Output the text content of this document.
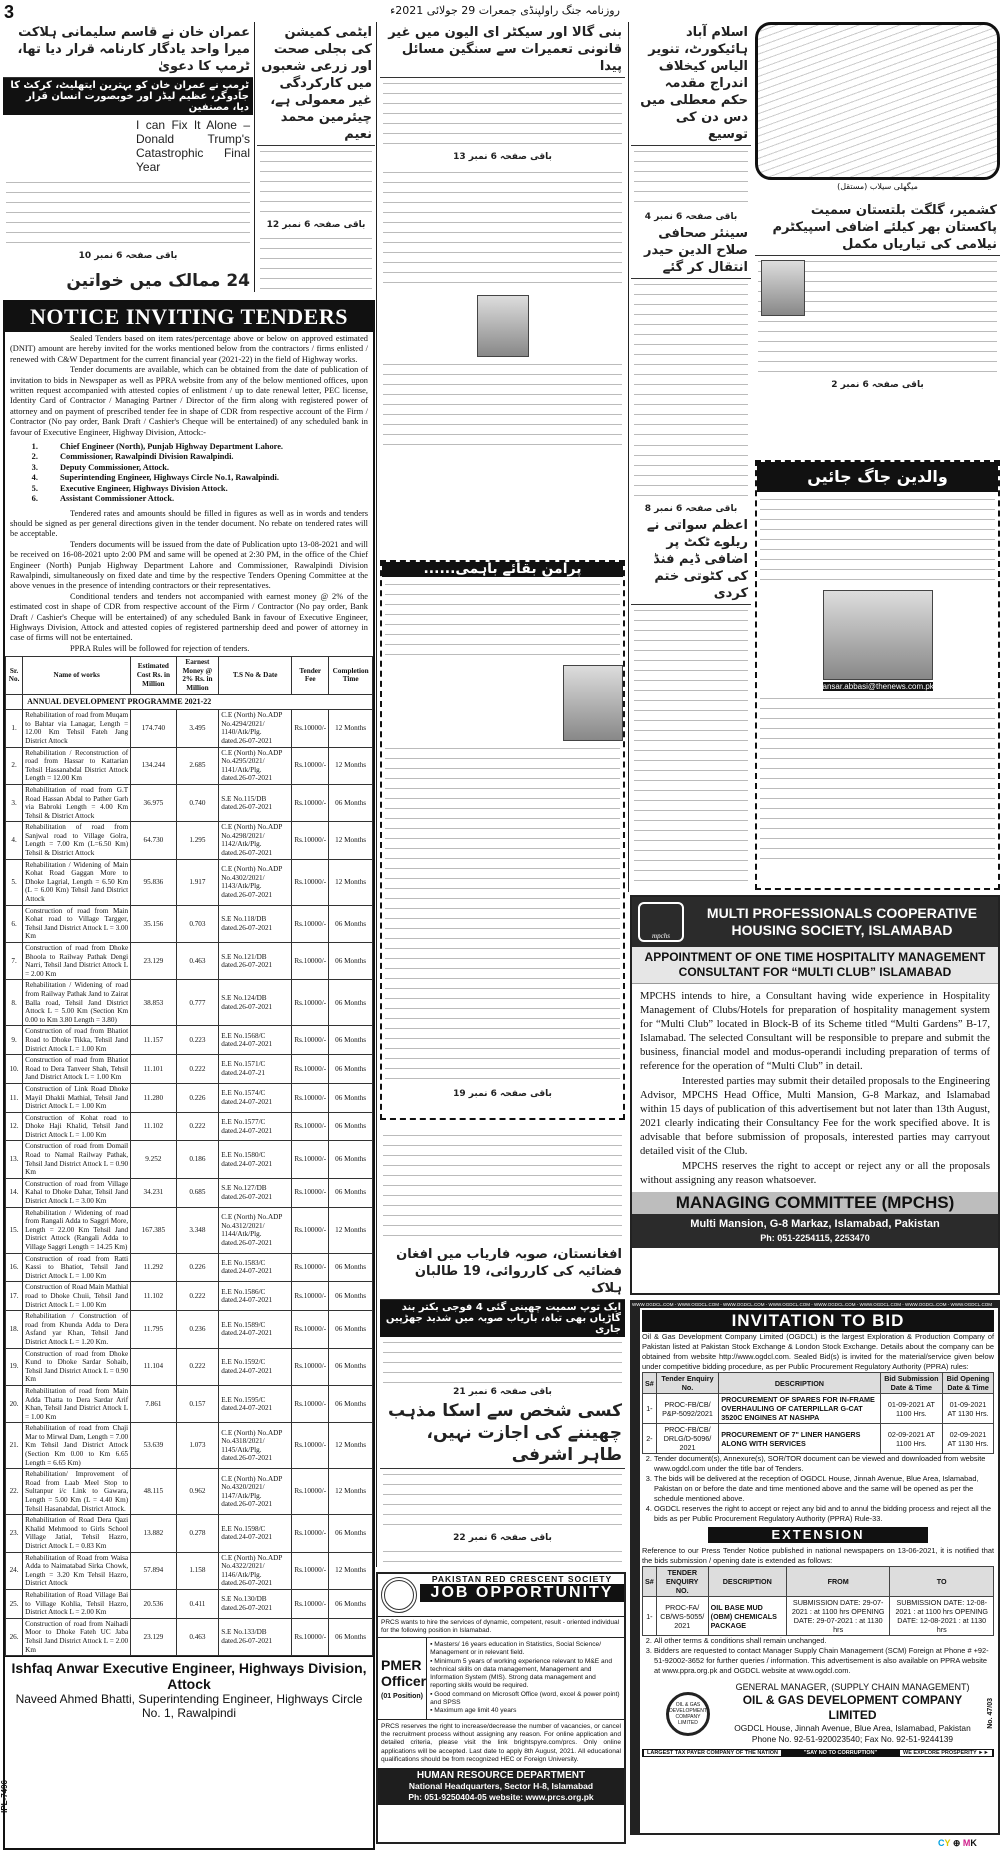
3	روزنامہ جنگ راولپنڈی جمعرات 29 جولائی 2021ء
عمران خان نے قاسم سلیمانی ہلاکت میرا واحد یادگار کارنامہ قرار دیا تھا، ٹرمپ کا دعویٰ
ٹرمپ نے عمران خان کو بہترین ایتھلیٹ، کرکٹ کا جادوگر، عظیم لیڈر اور خوبصورت انسان قرار دیا، مصنفین
I can Fix It Alone – Donald Trump's Catastrophic Final Year
باقی صفحہ 6 نمبر 10
24 ممالک میں خواتین
ایٹمی کمیشن کی بجلی صحت اور زرعی شعبوں میں کارکردگی غیر معمولی ہے، چیئرمین محمد نعیم
باقی صفحہ 6 نمبر 12
NOTICE INVITING TENDERS

Sealed Tenders based on item rates/percentage above or below on approved estimated (DNIT) amount are hereby invited for the works mentioned below from the contractors / firms enlisted / renewed with C&W Department for the current financial year (2021-22) in the field of Highway works.

Tender documents are available, which can be obtained from the date of publication of invitation to bids in Newspaper as well as PPRA website from any of the below mentioned offices, upon written request accompanied with attested copies of enlistment / up to date renewal letter, PEC license, Identity Card of Contractor / Managing Partner / Director of the firm along with registered power of attorney and on payment of prescribed tender fee in shape of CDR from respective account of the Firm / Contractor (No pay order, Bank Draft / Cashier's Cheque will be entertained) of any scheduled bank in favour of Executive Engineer, Highway Division, Attock:-

1. Chief Engineer (North), Punjab Highway Department Lahore.
2. Commissioner, Rawalpindi Division Rawalpindi.
3. Deputy Commissioner, Attock.
4. Superintending Engineer, Highways Circle No.1, Rawalpindi.
5. Executive Engineer, Highways Division Attock.
6. Assistant Commissioner Attock.

Tendered rates and amounts should be filled in figures as well as in words and tenders should be signed as per general directions given in the tender document. No rebate on tendered rates will be acceptable.

Tenders documents will be issued from the date of Publication upto 13-08-2021 and will be received on 16-08-2021 upto 2:00 PM and same will be opened at 2:30 PM, in the office of the Chief Engineer (North) Punjab Highway Department Lahore and Commissioner, Rawalpindi Division Rawalpindi, simultaneously on fixed date and time by the respective Tenders Opening Committee at the above venues in the presence of intending contractors or their representatives.

Conditional tenders and tenders not accompanied with earnest money @ 2% of the estimated cost in shape of CDR from respective account of the Firm / Contractor (No pay order, Bank Draft / Cashier's Cheque will be entertained) of any scheduled Bank in favour of Executive Engineer, Highways Division, Attock and attested copies of registered partnership deed and power of attorney in case of firms will not be entertained.

PPRA Rules will be followed for rejection of tenders.

Sr. No.	Name of works	Estimated Cost Rs. in Million	Earnest Money @ 2% Rs. in Million	T.S No & Date	Tender Fee	Completion Time
	ANNUAL DEVELOPMENT PROGRAMME 2021-22					
1.	Rehabilitation of road from Muqam to Bahtar via Lanagar, Length = 12.00 Km Tehsil Fateh Jang District Attock	174.740	3.495	C.E (North) No.ADP No.4294/2021/ 1140/Atk/Plg. dated.26-07-2021	Rs.10000/-	12 Months
2.	Rehabilitation / Reconstruction of road from Hassar to Kattarian Tehsil Hassanabdal District Attock Length = 12.00 Km	134.244	2.685	C.E (North) No.ADP No.4295/2021/ 1141/Atk/Plg. dated.26-07-2021	Rs.10000/-	12 Months
3.	Rehabilitation of road from G.T Road Hassan Abdal to Pather Garh via Babroki Length = 4.00 Km Tehsil & District Attock	36.975	0.740	S.E No.115/DB dated.26-07-2021	Rs.10000/-	06 Months
4.	Rehabilitation of road from Sanjwal road to Village Golra, Length = 7.00 Km (L=6.50 Km) Tehsil & District Attock	64.730	1.295	C.E (North) No.ADP No.4298/2021/ 1142/Atk/Plg. dated.26-07-2021	Rs.10000/-	12 Months
5.	Rehabilitation / Widening of Main Kohat Road Gaggan More to Dhoke Lagrial, Length = 6.50 Km (L = 6.00 Km) Tehsil Jand District Attock	95.836	1.917	C.E (North) No.ADP No.4302/2021/ 1143/Atk/Plg. dated.26-07-2021	Rs.10000/-	12 Months
6.	Construction of road from Main Kohat road to Village Targger, Tehsil Jand District Attock L = 3.00 Km	35.156	0.703	S.E No.118/DB dated.26-07-2021	Rs.10000/-	06 Months
7.	Construction of road from Dhoke Bhoola to Railway Pathak Dengi Narri, Tehsil Jand District Attock L = 2.00 Km	23.129	0.463	S.E No.121/DB dated.26-07-2021	Rs.10000/-	06 Months
8.	Rehabilitation / Widening of road from Railway Pathak Jand to Zairat Balla road, Tehsil Jand District Attock L = 5.00 Km (Section Km 0.00 to Km 3.80 Length = 3.80)	38.853	0.777	S.E No.124/DB dated.26-07-2021	Rs.10000/-	06 Months
9.	Construction of road from Bhatiot Road to Dhoke Tikka, Tehsil Jand District Attock L = 1.00 Km	11.157	0.223	E.E No.1568/C dated.24-07-2021	Rs.10000/-	06 Months
10.	Construction of road from Bhatiot Road to Dera Tanveer Shah, Tehsil Jand District Attock L = 1.00 Km	11.101	0.222	E.E No.1571/C dated.24-07-21	Rs.10000/-	06 Months
11.	Construction of Link Road Dhoke Mayil Dhakli Mathial, Tehsil Jand District Attock L = 1.00 Km	11.280	0.226	E.E No.1574/C dated.24-07-2021	Rs.10000/-	06 Months
12.	Construction of Kohat road to Dhoke Haji Khalid, Tehsil Jand District Attock L = 1.00 Km	11.102	0.222	E.E No.1577/C dated.24-07-2021	Rs.10000/-	06 Months
13.	Construction of road from Domail Road to Namal Railway Pathak, Tehsil Jand District Attock L = 0.90 Km	9.252	0.186	E.E No.1580/C dated.24-07-2021	Rs.10000/-	06 Months
14.	Construction of road from Village Kahal to Dhoke Dahar, Tehsil Jand District Attock L = 3.00 Km	34.231	0.685	S.E No.127/DB dated.26-07-2021	Rs.10000/-	06 Months
15.	Rehabilitation / Widening of road from Rangali Adda to Saggri More, Length = 22.00 Km Tehsil Jand District Attock (Rangali Adda to Village Saggri Length = 14.25 Km)	167.385	3.348	C.E (North) No.ADP No.4312/2021/ 1144/Atk/Plg. dated.26-07-2021	Rs.10000/-	12 Months
16.	Construction of road from Ratti Kassi to Bhatiot, Tehsil Jand District Attock L = 1.00 Km	11.292	0.226	E.E No.1583/C dated.24-07-2021	Rs.10000/-	06 Months
17.	Construction of Road Main Mathial road to Dhoke Chuii, Tehsil Jand District Attock L = 1.00 Km	11.102	0.222	E.E No.1586/C dated.24-07-2021	Rs.10000/-	06 Months
18.	Rehabilitation / Construction of road from Khunda Adda to Dera Asfand yar Khan, Tehsil Jand District Attock L = 1.20 Km.	11.795	0.236	E.E No.1589/C dated.24-07-2021	Rs.10000/-	06 Months
19.	Construction of road from Dhoke Kund to Dhoke Sardar Sohaib, Tehsil Jand District Attock L = 0.90 Km	11.104	0.222	E.E No.1592/C dated.24-07-2021	Rs.10000/-	06 Months
20.	Rehabilitation of road from Main Adda Thatta to Dera Sardar Arif Khan, Tehsil Jand District Attock L = 1.00 Km	7.861	0.157	E.E No.1595/C dated.24-07-2021	Rs.10000/-	06 Months
21.	Rehabilitation of road from Chaji Mar to Mirwal Dam, Length = 7.00 Km Tehsil Jand District Attock (Section Km 0.00 to Km 6.65 Length = 6.65 Km)	53.639	1.073	C.E (North) No.ADP No.4318/2021/ 1145/Atk/Plg. dated.26-07-2021	Rs.10000/-	12 Months
22.	Rehabilitation/ Improvement of Road from Laab Meel Stop to Sultanpur i/c Link to Gawara, Length = 5.00 Km (L = 4.40 Km) Tehsil Hasanabdal, District Attock.	48.115	0.962	C.E (North) No.ADP No.4320/2021/ 1147/Atk/Plg. dated.26-07-2021	Rs.10000/-	12 Months
23.	Rehabilitation of Road Dera Qazi Khalid Mehmood to Girls School Village Jatial, Tehsil Hazro, District Attock L = 0.83 Km	13.882	0.278	E.E No.1598/C dated.24-07-2021	Rs.10000/-	06 Months
24.	Rehabilitation of Road from Waisa Adda to Naimatabad Sirka Chowk, Length = 3.20 Km Tehsil Hazro, District Attock	57.894	1.158	C.E (North) No.ADP No.4322/2021/ 1146/Atk/Plg. dated.26-07-2021	Rs.10000/-	12 Months
25.	Rehabilitation of Road Village Bai to Village Kohlia, Tehsil Hazro, District Attock L = 2.00 Km	20.536	0.411	S.E No.130/DB dated.26-07-2021	Rs.10000/-	06 Months
26.	Construction of road from Naihadi Moor to Dhoke Fateh UC Jaba Tehsil Jand District Attock L = 2.00 Km	23.129	0.463	S.E No.133/DB dated.26-07-2021	Rs.10000/-	06 Months
Ishfaq Anwar Executive Engineer, Highways Division, Attock
Naveed Ahmed Bhatti, Superintending Engineer, Highways Circle No. 1, Rawalpindi
IPL-7496
بنی گالا اور سیکٹر ای الیون میں غیر قانونی تعمیرات سے سنگین مسائل پیدا
باقی صفحہ 6 نمبر 13
پرامن بقائے باہمی......
باقی صفحہ 6 نمبر 19
افغانستان، صوبہ فاریاب میں افغان فضائیہ کی کارروائی، 19 طالبان ہلاک
ایک توپ سمیت چھینی گئی 4 فوجی بکتر بند گاڑیاں بھی تباہ، باریاب صوبہ میں شدید جھڑپیں جاری
باقی صفحہ 6 نمبر 21
کسی شخص سے اسکا مذہب چھیننے کی اجازت نہیں، طاہر اشرفی
باقی صفحہ 6 نمبر 22
PAKISTAN RED CRESCENT SOCIETY
JOB OPPORTUNITY
PRCS wants to hire the services of dynamic, competent, result - oriented individual for the following position in Islamabad.
PMER Officer
(01 Position)
▪ Masters/ 16 years education in Statistics, Social Science/ Management or in relevant field.
▪ Minimum 5 years of working experience relevant to M&E and technical skills on data management, Management and Information System (MIS). Strong data management and reporting skills would be required.
▪ Good command on Microsoft Office (word, excel & power point) and SPSS
▪ Maximum age limit 40 years
PRCS reserves the right to increase/decrease the number of vacancies, or cancel the recruitment process without assigning any reason. For online application and detailed criteria, please visit the link brightspyre.com/prcs. Only online applications will be accepted. Last date to apply 8th August, 2021. All educational qualifications should be from recognized HEC or Foreign University.
HUMAN RESOURCE DEPARTMENT
National Headquarters, Sector H-8, Islamabad
Ph: 051-9250404-05 website: www.prcs.org.pk
اسلام آباد ہائیکورٹ، تنویر الیاس کیخلاف اندراج مقدمہ حکم معطلی میں دس دن کی توسیع
باقی صفحہ 6 نمبر 4
سینئر صحافی صلاح الدین حیدر انتقال کر گئے
میگھلی سیلاب (مستقل)
کشمیر، گلگت بلتستان سمیت پاکستان بھر کیلئے اضافی اسپیکٹرم نیلامی کی تیاریاں مکمل
باقی صفحہ 6 نمبر 2
باقی صفحہ 6 نمبر 8
اعظم سواتی نے ریلوے ٹکٹ پر اضافی ڈیم فنڈ کی کٹوتی ختم کردی
والدین جاگ جائیں
ansar.abbasi@thenews.com.pk
mpchs
MULTI PROFESSIONALS COOPERATIVE
HOUSING SOCIETY, ISLAMABAD
APPOINTMENT OF ONE TIME HOSPITALITY MANAGEMENT
CONSULTANT FOR “MULTI CLUB” ISLAMABAD

MPCHS intends to hire, a Consultant having wide experience in Hospitality Management of Clubs/Hotels for preparation of hospitality management system for “Multi Club” located in Block-B of its Scheme titled “Multi Gardens” B-17, Islamabad. The selected Consultant will be responsible to prepare and submit the business, financial model and modus-operandi including preparation of terms of reference for the operation of “Multi Club” in detail.

Interested parties may submit their detailed proposals to the Engineering Advisor, MPCHS Head Office, Multi Mansion, G-8 Markaz, and Islamabad within 15 days of publication of this advertisement but not later than 13th August, 2021 clearly indicating their Consultancy Fee for the work specified above. It is advisable that before submission of proposals, interested parties may carryout detailed visit of the Club.

MPCHS reserves the right to accept or reject any or all the proposals without assigning any reason whatsoever.

MANAGING COMMITTEE (MPCHS)
Multi Mansion, G-8 Markaz, Islamabad, Pakistan
Ph: 051-2254115, 2253470
WWW.OGDCL.COM - WWW.OGDCL.COM - WWW.OGDCL.COM - WWW.OGDCL.COM - WWW.OGDCL.COM - WWW.OGDCL.COM - WWW.OGDCL.COM - WWW.OGDCL.COM
INVITATION TO BID
Oil & Gas Development Company Limited (OGDCL) is the largest Exploration & Production Company of Pakistan listed at Pakistan Stock Exchange & London Stock Exchange. Details about the company can be obtained from website http://www.ogdcl.com. Sealed Bid(s) is invited for the material/service given below under competitive bidding procedure, as per Public Procurement Regulatory Authority (PPRA) rules:
S#	Tender Enquiry No.	DESCRIPTION	Bid Submission Date & Time	Bid Opening Date & Time
1-	PROC-FB/CB/ P&P-5092/2021	PROCUREMENT OF SPARES FOR IN-FRAME OVERHAULING OF CATERPILLAR G-CAT 3520C ENGINES AT NASHPA	01-09-2021 AT 1100 Hrs.	01-09-2021 AT 1130 Hrs.
2-	PROC-FB/CB/ DRLG/D-5096/ 2021	PROCUREMENT OF 7" LINER HANGERS ALONG WITH SERVICES	02-09-2021 AT 1100 Hrs.	02-09-2021 AT 1130 Hrs.
2. Tender document(s), Annexure(s), SOR/TOR document can be viewed and downloaded from website www.ogdcl.com under the title bar of Tenders.
3. The bids will be delivered at the reception of OGDCL House, Jinnah Avenue, Blue Area, Islamabad, Pakistan on or before the date and time mentioned above and the same will be opened as per the schedule mentioned above.
4. OGDCL reserves the right to accept or reject any bid and to annul the bidding process and reject all the bids as per Public Procurement Regulatory Authority (PPRA) Rule-33.
EXTENSION
Reference to our Press Tender Notice published in national newspapers on 13-06-2021, it is notified that the bids submission / opening date is extended as follows:
S#	TENDER ENQUIRY NO.	DESCRIPTION	FROM	TO
1-	PROC-FA/ CB/WS-5055/ 2021	OIL BASE MUD (OBM) CHEMICALS PACKAGE	SUBMISSION DATE: 29-07-2021 : at 1100 hrs OPENING DATE: 29-07-2021 : at 1130 hrs	SUBMISSION DATE: 12-08-2021 : at 1100 hrs OPENING DATE: 12-08-2021 : at 1130 hrs
2. All other terms & conditions shall remain unchanged.
3. Bidders are requested to contact Manager Supply Chain Management (SCM) Foreign at Phone # +92-51-92002-3652 for further queries / information. This advertisement is also available on PPRA website at www.ppra.org.pk and OGDCL website at www.ogdcl.com.
OIL & GAS DEVELOPMENT COMPANY LIMITED
GENERAL MANAGER, (SUPPLY CHAIN MANAGEMENT)
OIL & GAS DEVELOPMENT COMPANY LIMITED
OGDCL House, Jinnah Avenue, Blue Area, Islamabad, Pakistan
Phone No. 92-51-920023540; Fax No. 92-51-9244139
No. 47/03
LARGEST TAX PAYER COMPANY OF THE NATION	"SAY NO TO CORRUPTION"	WE EXPLORE PROSPERITY ►►
CY ⊕ MK
